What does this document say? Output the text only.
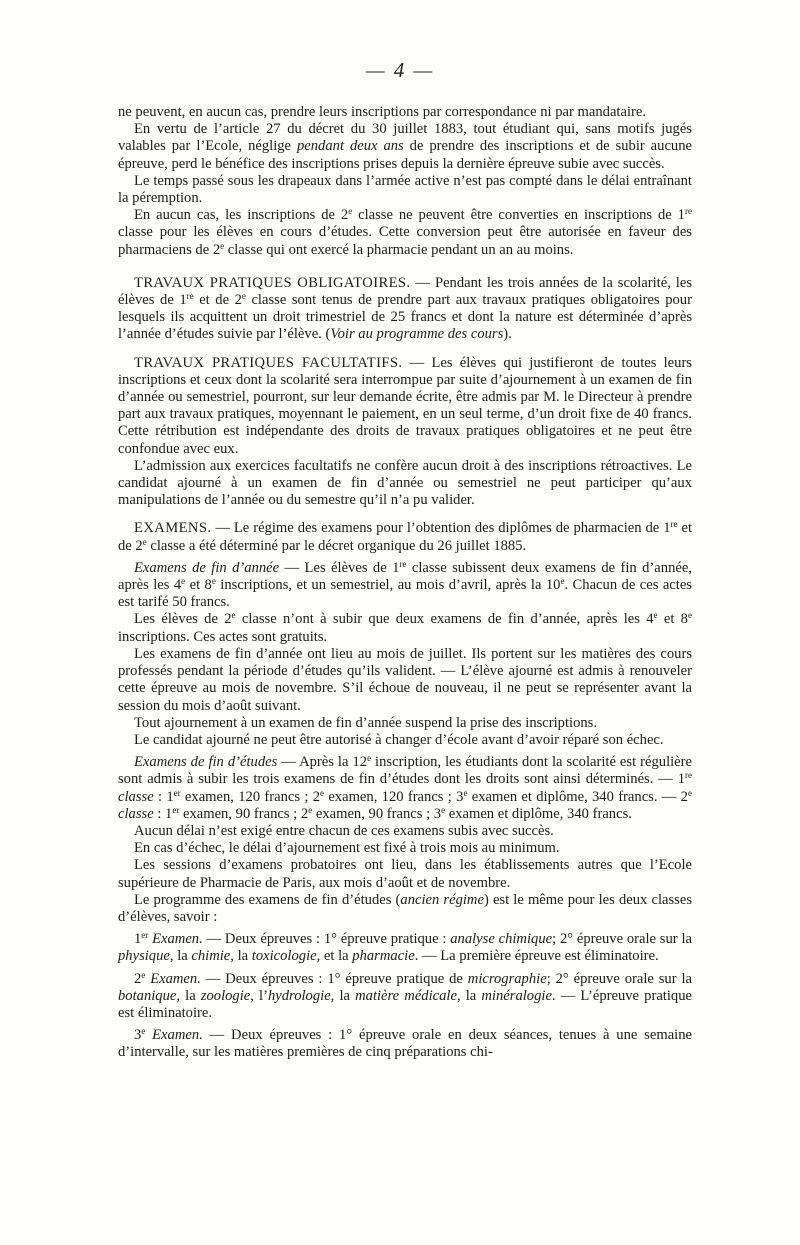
— 4 —

ne peuvent, en aucun cas, prendre leurs inscriptions par correspondance ni par mandataire.

En vertu de l’article 27 du décret du 30 juillet 1883, tout étudiant qui, sans motifs jugés valables par l’Ecole, néglige pendant deux ans de prendre des inscriptions et de subir aucune épreuve, perd le bénéfice des inscriptions prises depuis la dernière épreuve subie avec succès.

Le temps passé sous les drapeaux dans l’armée active n’est pas compté dans le délai entraînant la péremption.

En aucun cas, les inscriptions de 2e classe ne peuvent être converties en inscriptions de 1re classe pour les élèves en cours d’études. Cette conversion peut être autorisée en faveur des pharmaciens de 2e classe qui ont exercé la pharmacie pendant un an au moins.

TRAVAUX PRATIQUES OBLIGATOIRES. — Pendant les trois années de la scolarité, les élèves de 1re et de 2e classe sont tenus de prendre part aux travaux pratiques obligatoires pour lesquels ils acquittent un droit trimestriel de 25 francs et dont la nature est déterminée d’après l’année d’études suivie par l’élève. (Voir au programme des cours).

TRAVAUX PRATIQUES FACULTATIFS. — Les élèves qui justifieront de toutes leurs inscriptions et ceux dont la scolarité sera interrompue par suite d’ajournement à un examen de fin d’année ou semestriel, pourront, sur leur demande écrite, être admis par M. le Directeur à prendre part aux travaux pratiques, moyennant le paiement, en un seul terme, d’un droit fixe de 40 francs. Cette rétribution est indépendante des droits de travaux pratiques obligatoires et ne peut être confondue avec eux.

L’admission aux exercices facultatifs ne confère aucun droit à des inscriptions rétroactives. Le candidat ajourné à un examen de fin d’année ou semestriel ne peut participer qu’aux manipulations de l’année ou du semestre qu’il n’a pu valider.

EXAMENS. — Le régime des examens pour l’obtention des diplômes de pharmacien de 1re et de 2e classe a été déterminé par le décret organique du 26 juillet 1885.

Examens de fin d’année — Les élèves de 1re classe subissent deux examens de fin d’année, après les 4e et 8e inscriptions, et un semestriel, au mois d’avril, après la 10e. Chacun de ces actes est tarifé 50 francs.

Les élèves de 2e classe n’ont à subir que deux examens de fin d’année, après les 4e et 8e inscriptions. Ces actes sont gratuits.

Les examens de fin d’année ont lieu au mois de juillet. Ils portent sur les matières des cours professés pendant la période d’études qu’ils valident. — L’élève ajourné est admis à renouveler cette épreuve au mois de novembre. S’il échoue de nouveau, il ne peut se représenter avant la session du mois d’août suivant.

Tout ajournement à un examen de fin d’année suspend la prise des inscriptions.

Le candidat ajourné ne peut être autorisé à changer d’école avant d’avoir réparé son échec.

Examens de fin d’études — Après la 12e inscription, les étudiants dont la scolarité est régulière sont admis à subir les trois examens de fin d’études dont les droits sont ainsi déterminés. — 1re classe : 1er examen, 120 francs ; 2e examen, 120 francs ; 3e examen et diplôme, 340 francs. — 2e classe : 1er examen, 90 francs ; 2e examen, 90 francs ; 3e examen et diplôme, 340 francs.

Aucun délai n’est exigé entre chacun de ces examens subis avec succès.

En cas d’échec, le délai d’ajournement est fixé à trois mois au minimum.

Les sessions d’examens probatoires ont lieu, dans les établissements autres que l’Ecole supérieure de Pharmacie de Paris, aux mois d’août et de novembre.

Le programme des examens de fin d’études (ancien régime) est le même pour les deux classes d’élèves, savoir :

1er Examen. — Deux épreuves : 1° épreuve pratique : analyse chimique; 2° épreuve orale sur la physique, la chimie, la toxicologie, et la pharmacie. — La première épreuve est éliminatoire.

2e Examen. — Deux épreuves : 1° épreuve pratique de micrographie; 2° épreuve orale sur la botanique, la zoologie, l’hydrologie, la matière médicale, la minéralogie. — L’épreuve pratique est éliminatoire.

3e Examen. — Deux épreuves : 1° épreuve orale en deux séances, tenues à une semaine d’intervalle, sur les matières premières de cinq préparations chi-
